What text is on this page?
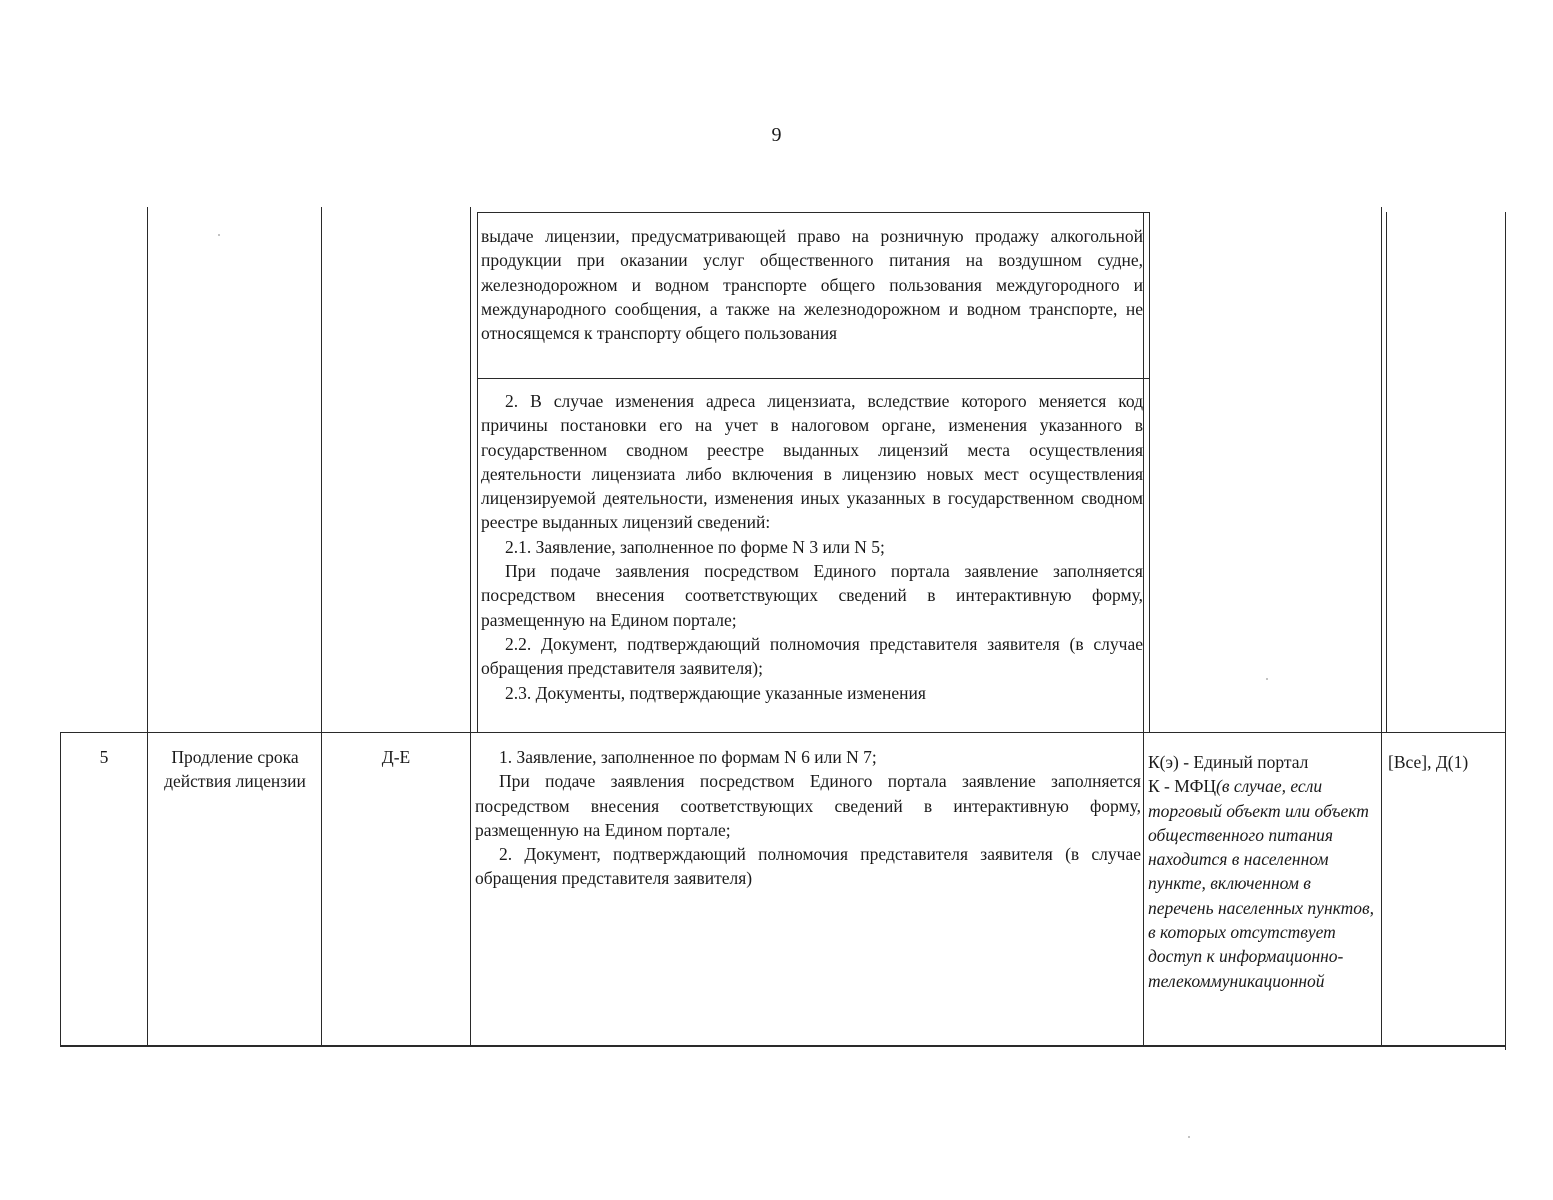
9

выдаче лицензии, предусматривающей право на розничную продажу алкогольной продукции при оказании услуг общественного питания на воздушном судне, железнодорожном и водном транспорте общего пользования междугородного и международного сообщения, а также на железнодорожном и водном транспорте, не относящемся к транспорту общего пользования

2. В случае изменения адреса лицензиата, вследствие которого меняется код причины постановки его на учет в налоговом органе, изменения указанного в государственном сводном реестре выданных лицензий места осуществления деятельности лицензиата либо включения в лицензию новых мест осуществления лицензируемой деятельности, изменения иных указанных в государственном сводном реестре выданных лицензий сведений:

2.1. Заявление, заполненное по форме N 3 или N 5;

При подаче заявления посредством Единого портала заявление заполняется посредством внесения соответствующих сведений в интерактивную форму, размещенную на Едином портале;

2.2. Документ, подтверждающий полномочия представителя заявителя (в случае обращения представителя заявителя);

2.3. Документы, подтверждающие указанные изменения

5	Продление срока действия лицензии
Д-Е	1. Заявление, заполненное по формам N 6 или N 7;

При подаче заявления посредством Единого портала заявление заполняется посредством внесения соответствующих сведений в интерактивную форму, размещенную на Едином портале;

2. Документ, подтверждающий полномочия представителя заявителя (в случае обращения представителя заявителя)

К(э) - Единый портал

К - МФЦ(в случае, если торговый объект или объект общественного питания находится в населенном пункте, включенном в перечень населенных пунктов, в которых отсутствует доступ к информационно-телекоммуникационной

[Все], Д(1)
